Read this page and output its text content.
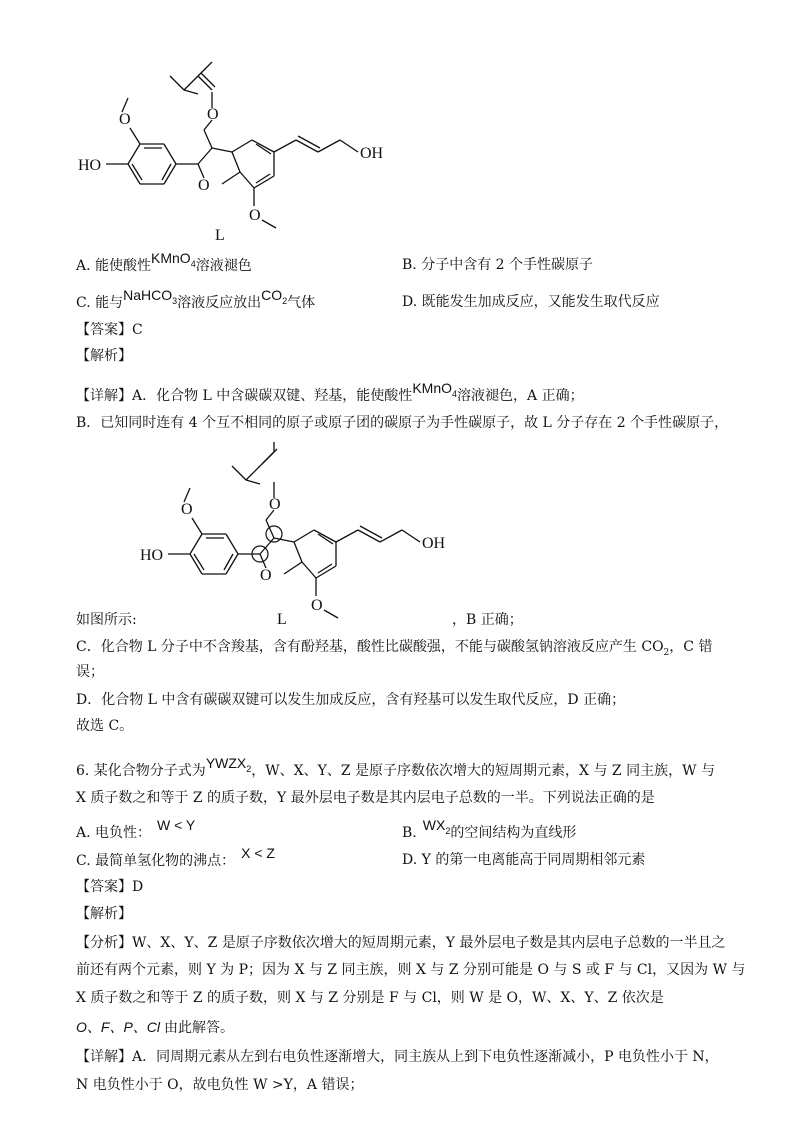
O
O
O
O
HO
OH
L
A. 能使酸性KMnO$_4$溶液褪色	B. 分子中含有 2 个手性碳原子
C. 能与NaHCO$_3$溶液反应放出$CO_2$气体	D. 既能发生加成反应，又能发生取代反应
【答案】C
【解析】
【详解】A．化合物 L 中含碳碳双键、羟基，能使酸性KMnO$_4$溶液褪色，A 正确；
B．已知同时连有 4 个互不相同的原子或原子团的碳原子为手性碳原子，故 L 分子存在 2 个手性碳原子，
O
O
O
O
HO
OH
L
如图所示:	，B 正确；
C．化合物 L 分子中不含羧基，含有酚羟基，酸性比碳酸强，不能与碳酸氢钠溶液反应产生 $CO_2$，C 错
误；
D．化合物 L 中含有碳碳双键可以发生加成反应，含有羟基可以发生取代反应，D 正确；
故选 C。
6. 某化合物分子式为$YWZX_2$，W、X、Y、Z 是原子序数依次增大的短周期元素，X 与 Z 同主族，W 与
X 质子数之和等于 Z 的质子数，Y 最外层电子数是其内层电子总数的一半。下列说法正确的是
A. 电负性： W < Y	B. $WX_2$的空间结构为直线形
C. 最简单氢化物的沸点： X < Z	D. Y 的第一电离能高于同周期相邻元素
【答案】D
【解析】
【分析】W、X、Y、Z 是原子序数依次增大的短周期元素，Y 最外层电子数是其内层电子总数的一半且之
前还有两个元素，则 Y 为 P；因为 X 与 Z 同主族，则 X 与 Z 分别可能是 O 与 S 或 F 与 Cl，又因为 W 与
X 质子数之和等于 Z 的质子数，则 X 与 Z 分别是 F 与 Cl，则 W 是 O，W、X、Y、Z 依次是
O、F、P、Cl 由此解答。
【详解】A．同周期元素从左到右电负性逐渐增大，同主族从上到下电负性逐渐减小，P 电负性小于 N，
N 电负性小于 O，故电负性 W >Y，A 错误；
